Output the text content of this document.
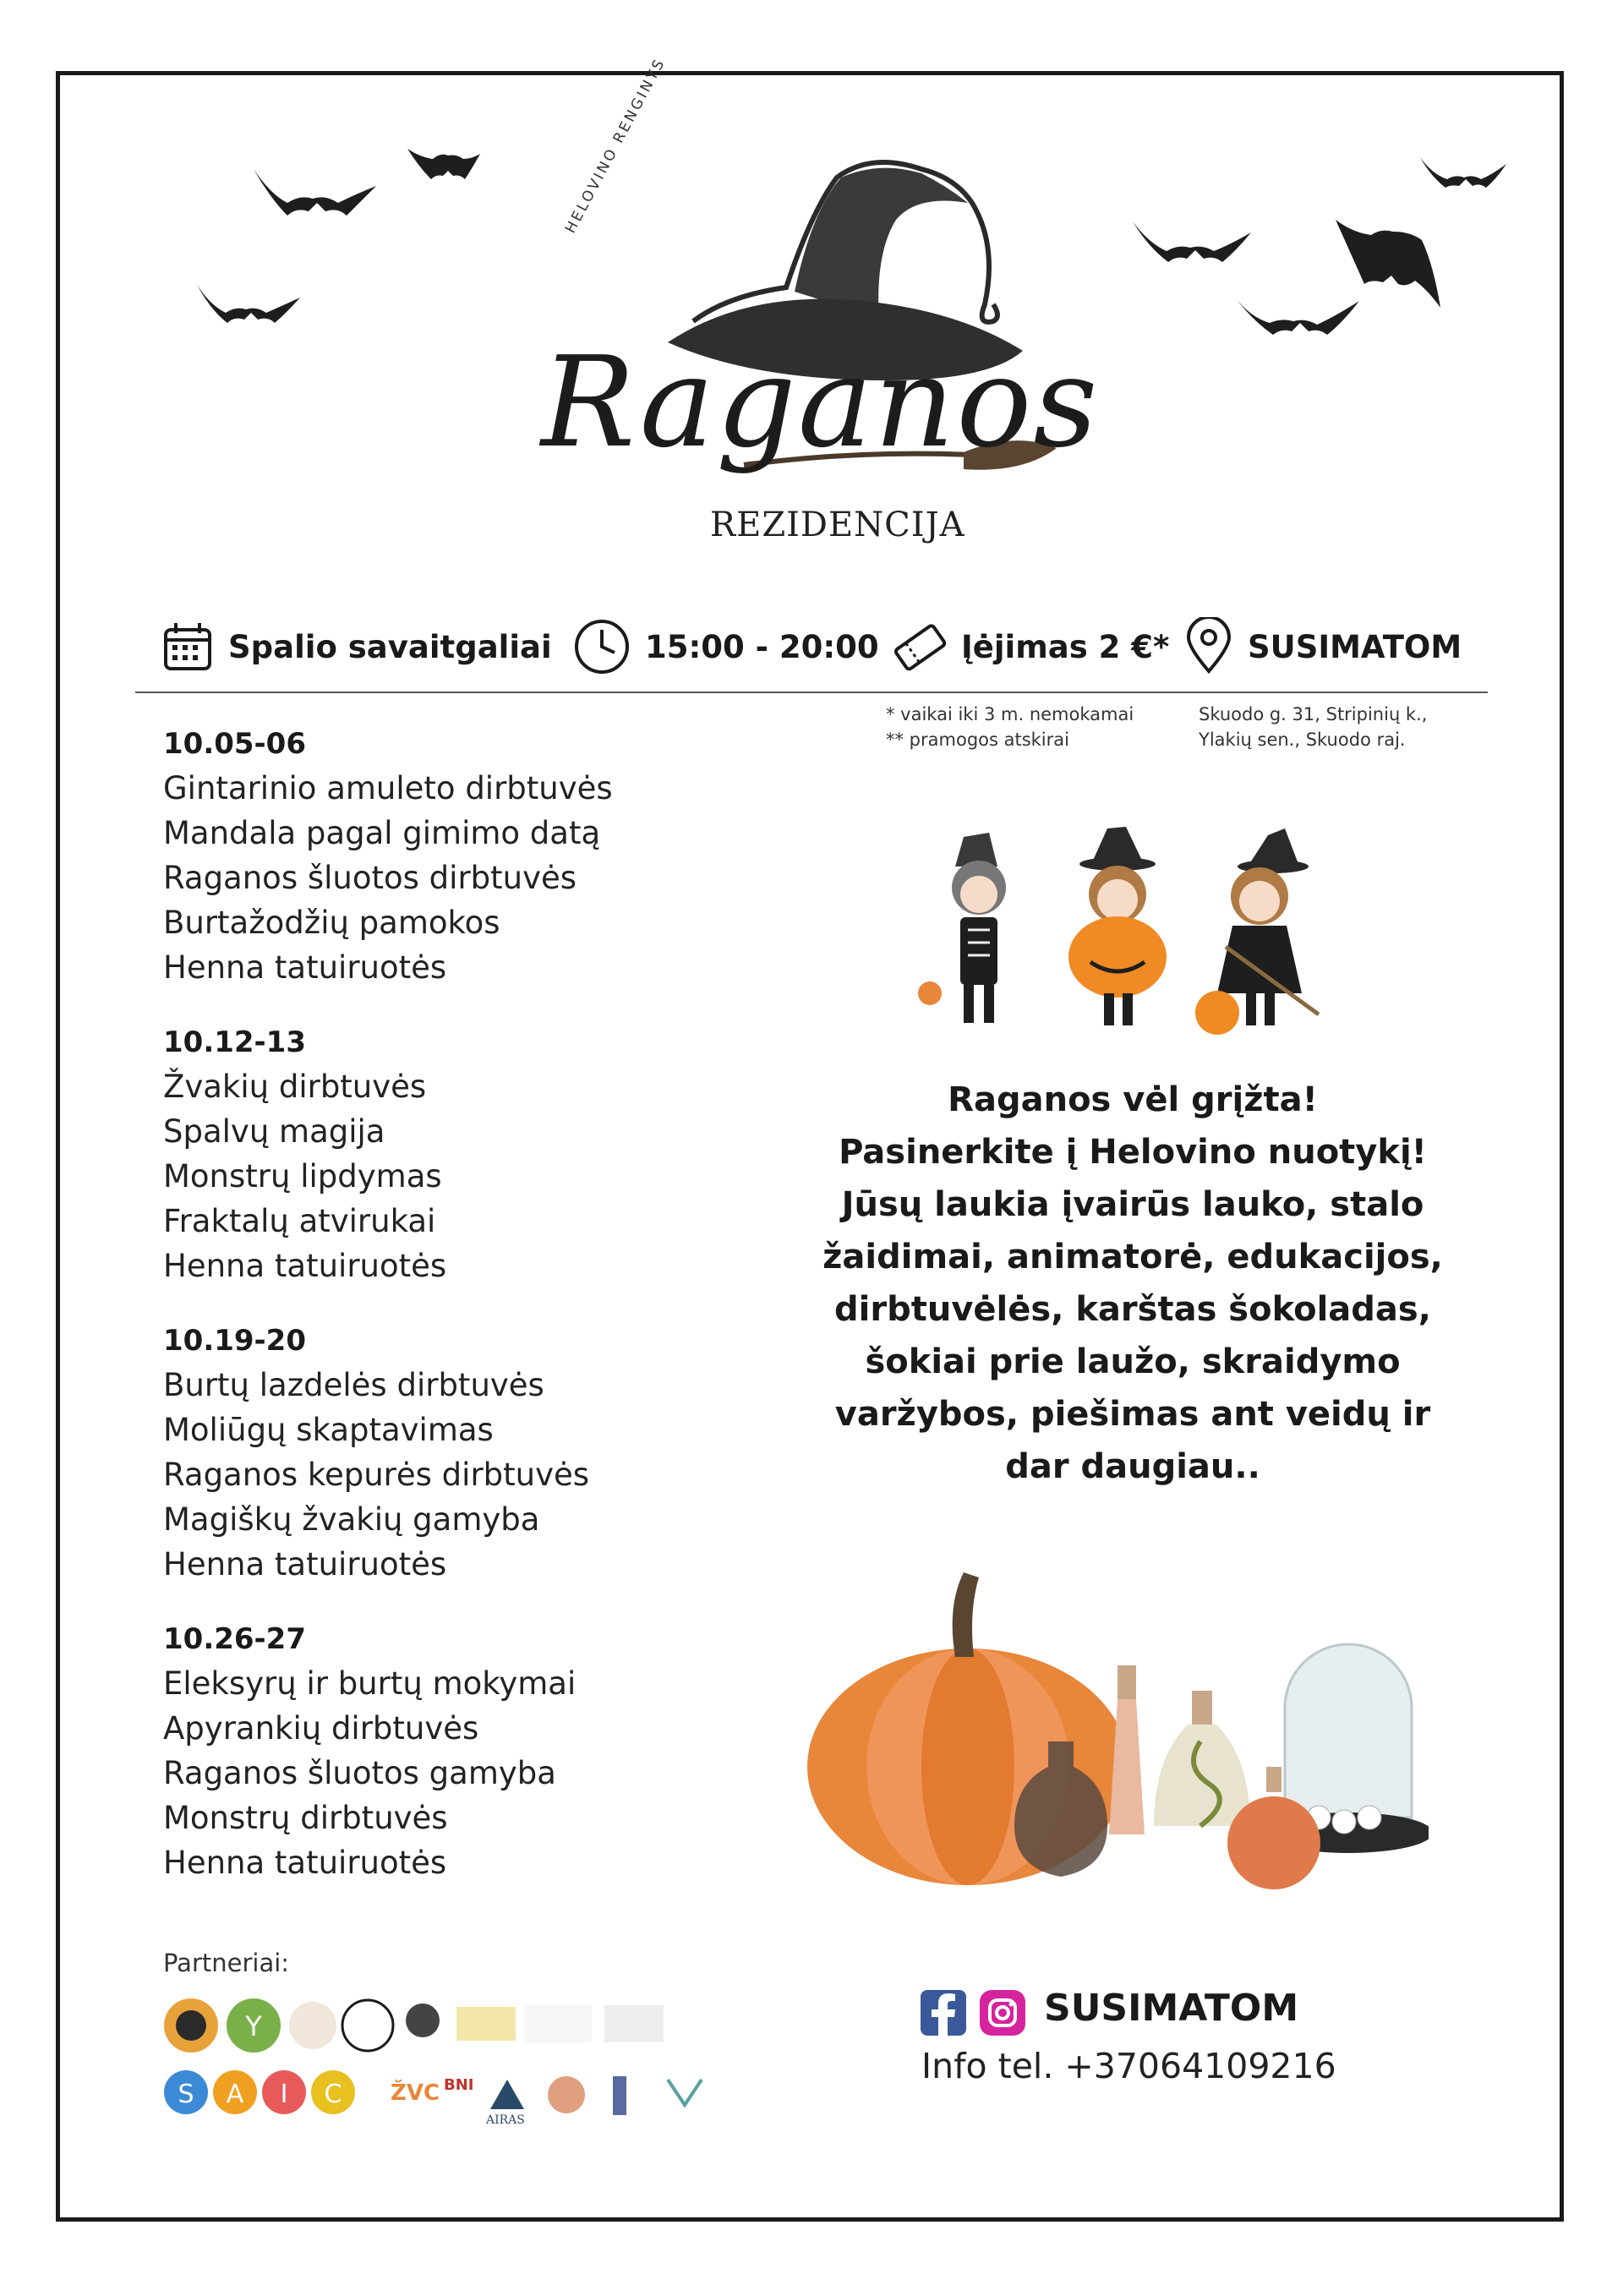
HELOVINO RENGINYS
Raganos
REZIDENCIJA
Spalio savaitgaliai	15:00 - 20:00	Įėjimas 2 €*	SUSIMATOM
* vaikai iki 3 m. nemokamai
** pramogos atskirai
Skuodo g. 31, Stripinių k.,
Ylakių sen., Skuodo raj.
10.05-06
Gintarinio amuleto dirbtuvės
Mandala pagal gimimo datą
Raganos šluotos dirbtuvės
Burtažodžių pamokos
Henna tatuiruotės
10.12-13
Žvakių dirbtuvės
Spalvų magija
Monstrų lipdymas
Fraktalų atvirukai
Henna tatuiruotės
10.19-20
Burtų lazdelės dirbtuvės
Moliūgų skaptavimas
Raganos kepurės dirbtuvės
Magiškų žvakių gamyba
Henna tatuiruotės
10.26-27
Eleksyrų ir burtų mokymai
Apyrankių dirbtuvės
Raganos šluotos gamyba
Monstrų dirbtuvės
Henna tatuiruotės
Raganos vėl grįžta!
Pasinerkite į Helovino nuotykį!
Jūsų laukia įvairūs lauko, stalo
žaidimai, animatorė, edukacijos,
dirbtuvėlės, karštas šokoladas,
šokiai prie laužo, skraidymo
varžybos, piešimas ant veidų ir
dar daugiau..
Partneriai:
Y
S A I C ŽVC BNI
AIRAS
SUSIMATOM
Info tel. +37064109216
